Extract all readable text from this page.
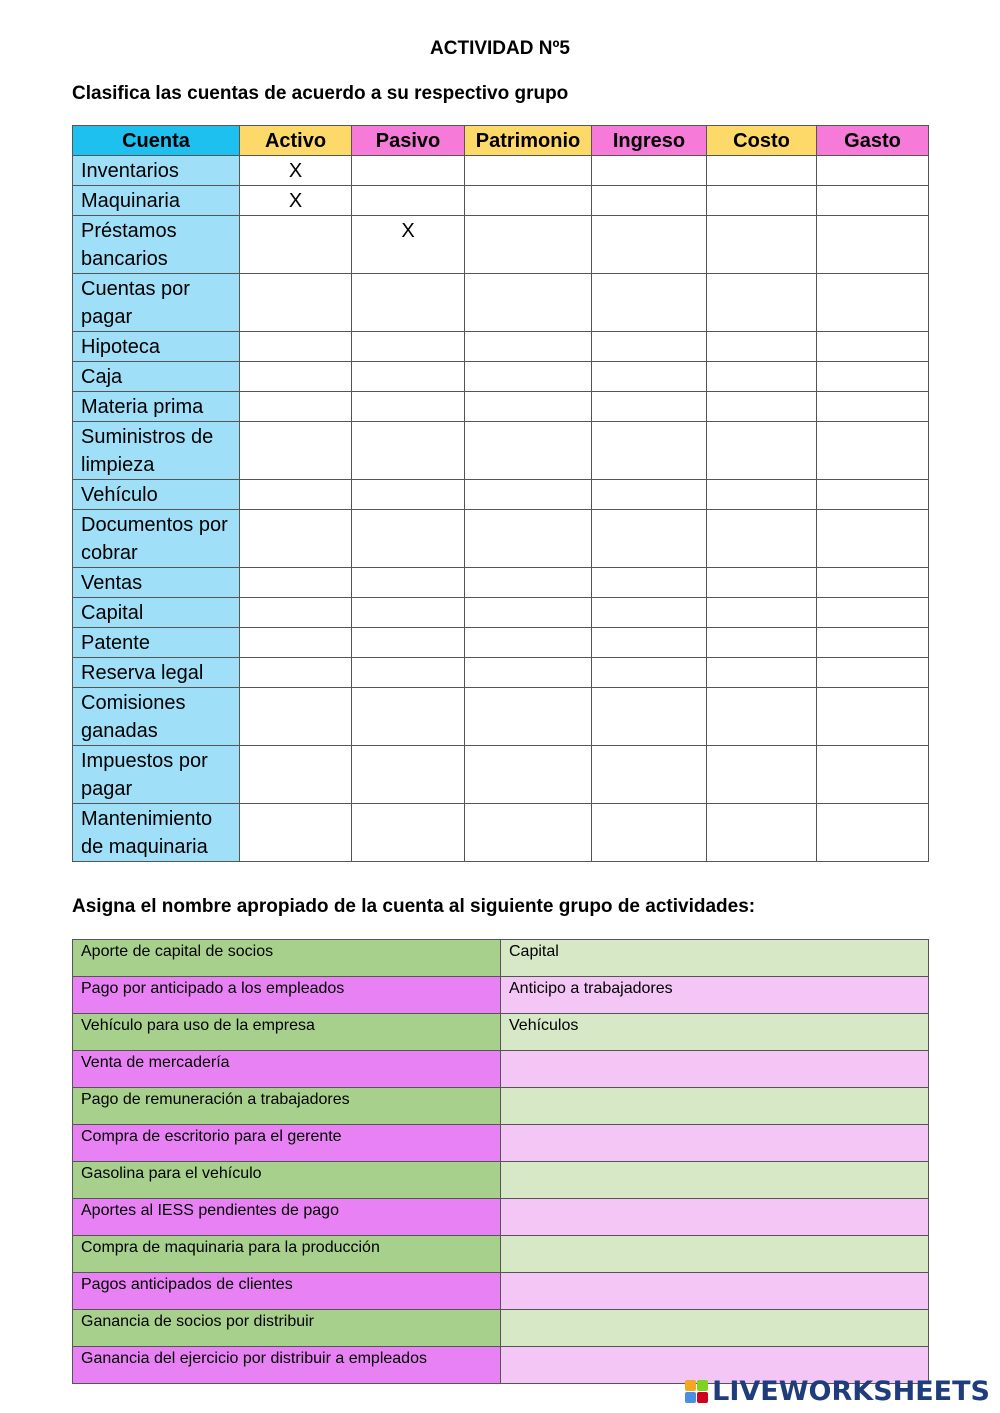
ACTIVIDAD Nº5
Clasifica las cuentas de acuerdo a su respectivo grupo
Cuenta	Activo	Pasivo	Patrimonio	Ingreso	Costo	Gasto
Inventarios	X					
Maquinaria	X					
Préstamos bancarios		X				
Cuentas por pagar						
Hipoteca						
Caja						
Materia prima						
Suministros de limpieza						
Vehículo						
Documentos por cobrar						
Ventas						
Capital						
Patente						
Reserva legal						
Comisiones ganadas						
Impuestos por pagar						
Mantenimiento de maquinaria						
Asigna el nombre apropiado de la cuenta al siguiente grupo de actividades:
Aporte de capital de socios	Capital
Pago por anticipado a los empleados	Anticipo a trabajadores
Vehículo para uso de la empresa	Vehículos
Venta de mercadería	
Pago de remuneración a trabajadores	
Compra de escritorio para el gerente	
Gasolina para el vehículo	
Aportes al IESS pendientes de pago	
Compra de maquinaria para la producción	
Pagos anticipados de clientes	
Ganancia de socios por distribuir	
Ganancia del ejercicio por distribuir a empleados	
LIVEWORKSHEETS
